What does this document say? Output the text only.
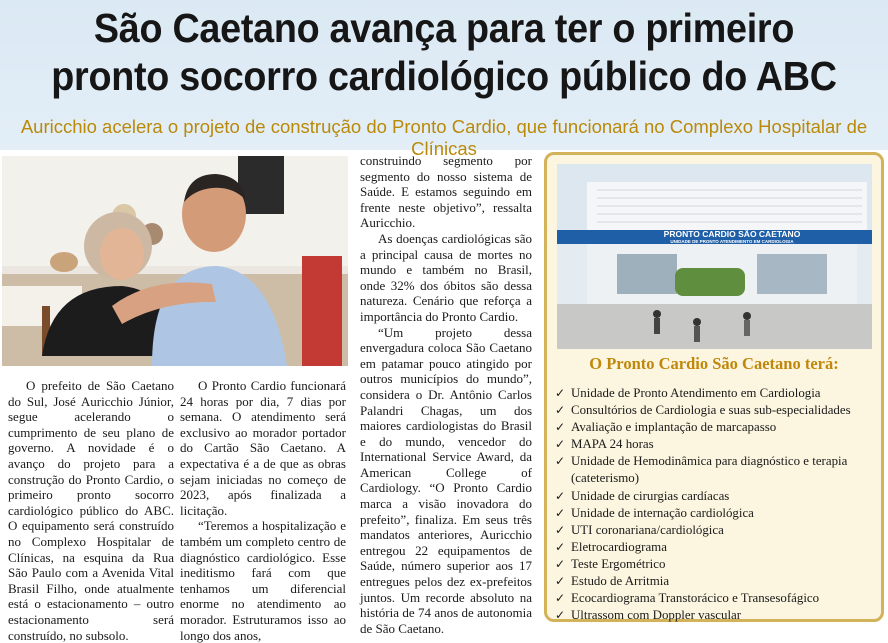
São Caetano avança para ter o primeiro
pronto socorro cardiológico público do ABC
Auricchio acelera o projeto de construção do Pronto Cardio, que funcionará no Complexo Hospitalar de Clínicas

O prefeito de São Caetano do Sul, José Auricchio Júnior, segue acelerando o cumprimento de seu plano de governo. A novidade é o avanço do projeto para a construção do Pronto Cardio, o primeiro pronto socorro cardiológico público do ABC. O equipamento será construído no Complexo Hospitalar de Clínicas, na esquina da Rua São Paulo com a Avenida Vital Brasil Filho, onde atualmente está o estacionamento – outro estacionamento será construído, no subsolo.

O Pronto Cardio funcionará 24 horas por dia, 7 dias por semana. O atendimento será exclusivo ao morador portador do Cartão São Caetano. A expectativa é a de que as obras sejam iniciadas no começo de 2023, após finalizada a licitação.

“Teremos a hospitalização e também um completo centro de diagnóstico cardiológico. Esse ineditismo fará com que tenhamos um diferencial enorme no atendimento ao morador. Estruturamos isso ao longo dos anos,

construindo segmento por segmento do nosso sistema de Saúde. E estamos seguindo em frente neste objetivo”, ressalta Auricchio.

As doenças cardiológicas são a principal causa de mortes no mundo e também no Brasil, onde 32% dos óbitos são dessa natureza. Cenário que reforça a importância do Pronto Cardio.

“Um projeto dessa envergadura coloca São Caetano em patamar pouco atingido por outros municípios do mundo”, considera o Dr. Antônio Carlos Palandri Chagas, um dos maiores cardiologistas do Brasil e do mundo, vencedor do International Service Award, da American College of Cardiology. “O Pronto Cardio marca a visão inovadora do prefeito”, finaliza. Em seus três mandatos anteriores, Auricchio entregou 22 equipamentos de Saúde, número superior aos 17 entregues pelos dez ex-prefeitos juntos. Um recorde absoluto na história de 74 anos de autonomia de São Caetano.

PRONTO CARDIO SÃO CAETANO
UNIDADE DE PRONTO ATENDIMENTO EM CARDIOLOGIA
O Pronto Cardio São Caetano terá:
✓ Unidade de Pronto Atendimento em Cardiologia
✓ Consultórios de Cardiologia e suas sub-especialidades
✓ Avaliação e implantação de marcapasso
✓ MAPA 24 horas
✓ Unidade de Hemodinâmica para diagnóstico e terapia (cateterismo)
✓ Unidade de cirurgias cardíacas
✓ Unidade de internação cardiológica
✓ UTI coronariana/cardiológica
✓ Eletrocardiograma
✓ Teste Ergométrico
✓ Estudo de Arritmia
✓ Ecocardiograma Transtorácico e Transesofágico
✓ Ultrassom com Doppler vascular
